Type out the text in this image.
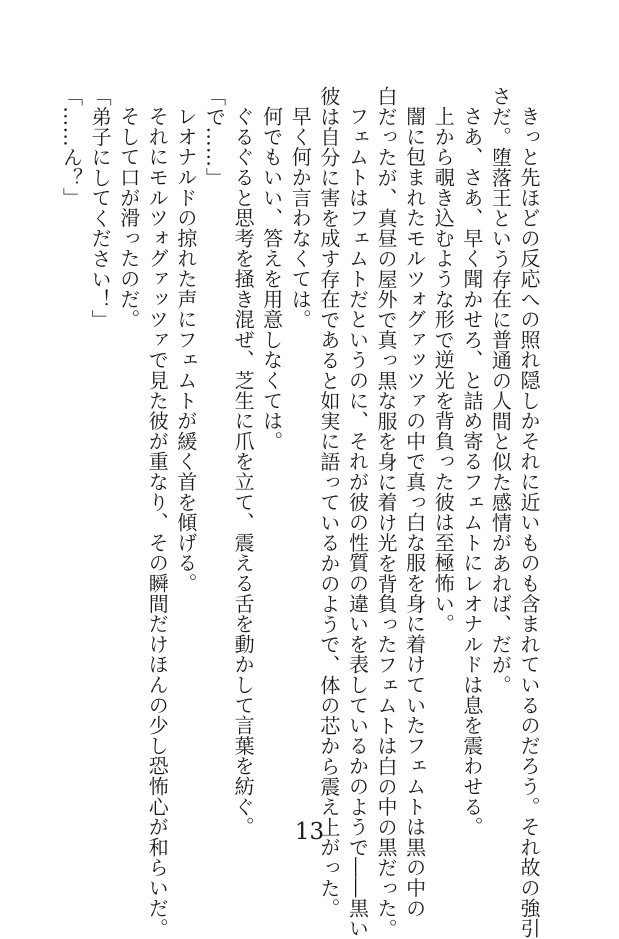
きっと先ほどの反応への照れ隠しかそれに近いものも含まれているのだろう。それ故の強引
さだ。堕落王という存在に普通の人間と似た感情があれば、だが。
さあ、さあ、早く聞かせろ、と詰め寄るフェムトにレオナルドは息を震わせる。
上から覗き込むような形で逆光を背負った彼は至極怖い。
闇に包まれたモルツォグァッツァの中で真っ白な服を身に着けていたフェムトは黒の中の
白だったが、真昼の屋外で真っ黒な服を身に着け光を背負ったフェムトは白の中の黒だった。
フェムトはフェムトだというのに、それが彼の性質の違いを表しているかのようで――黒い
彼は自分に害を成す存在であると如実に語っているかのようで、体の芯から震え上がった。
早く何か言わなくては。
何でもいい、答えを用意しなくては。
ぐるぐると思考を掻き混ぜ、芝生に爪を立て、震える舌を動かして言葉を紡ぐ。
「で……」
レオナルドの掠れた声にフェムトが緩く首を傾げる。
それにモルツォグァッツァで見た彼が重なり、その瞬間だけほんの少し恐怖心が和らいだ。
そして口が滑ったのだ。
「弟子にしてください！」
「……ん？」
13
